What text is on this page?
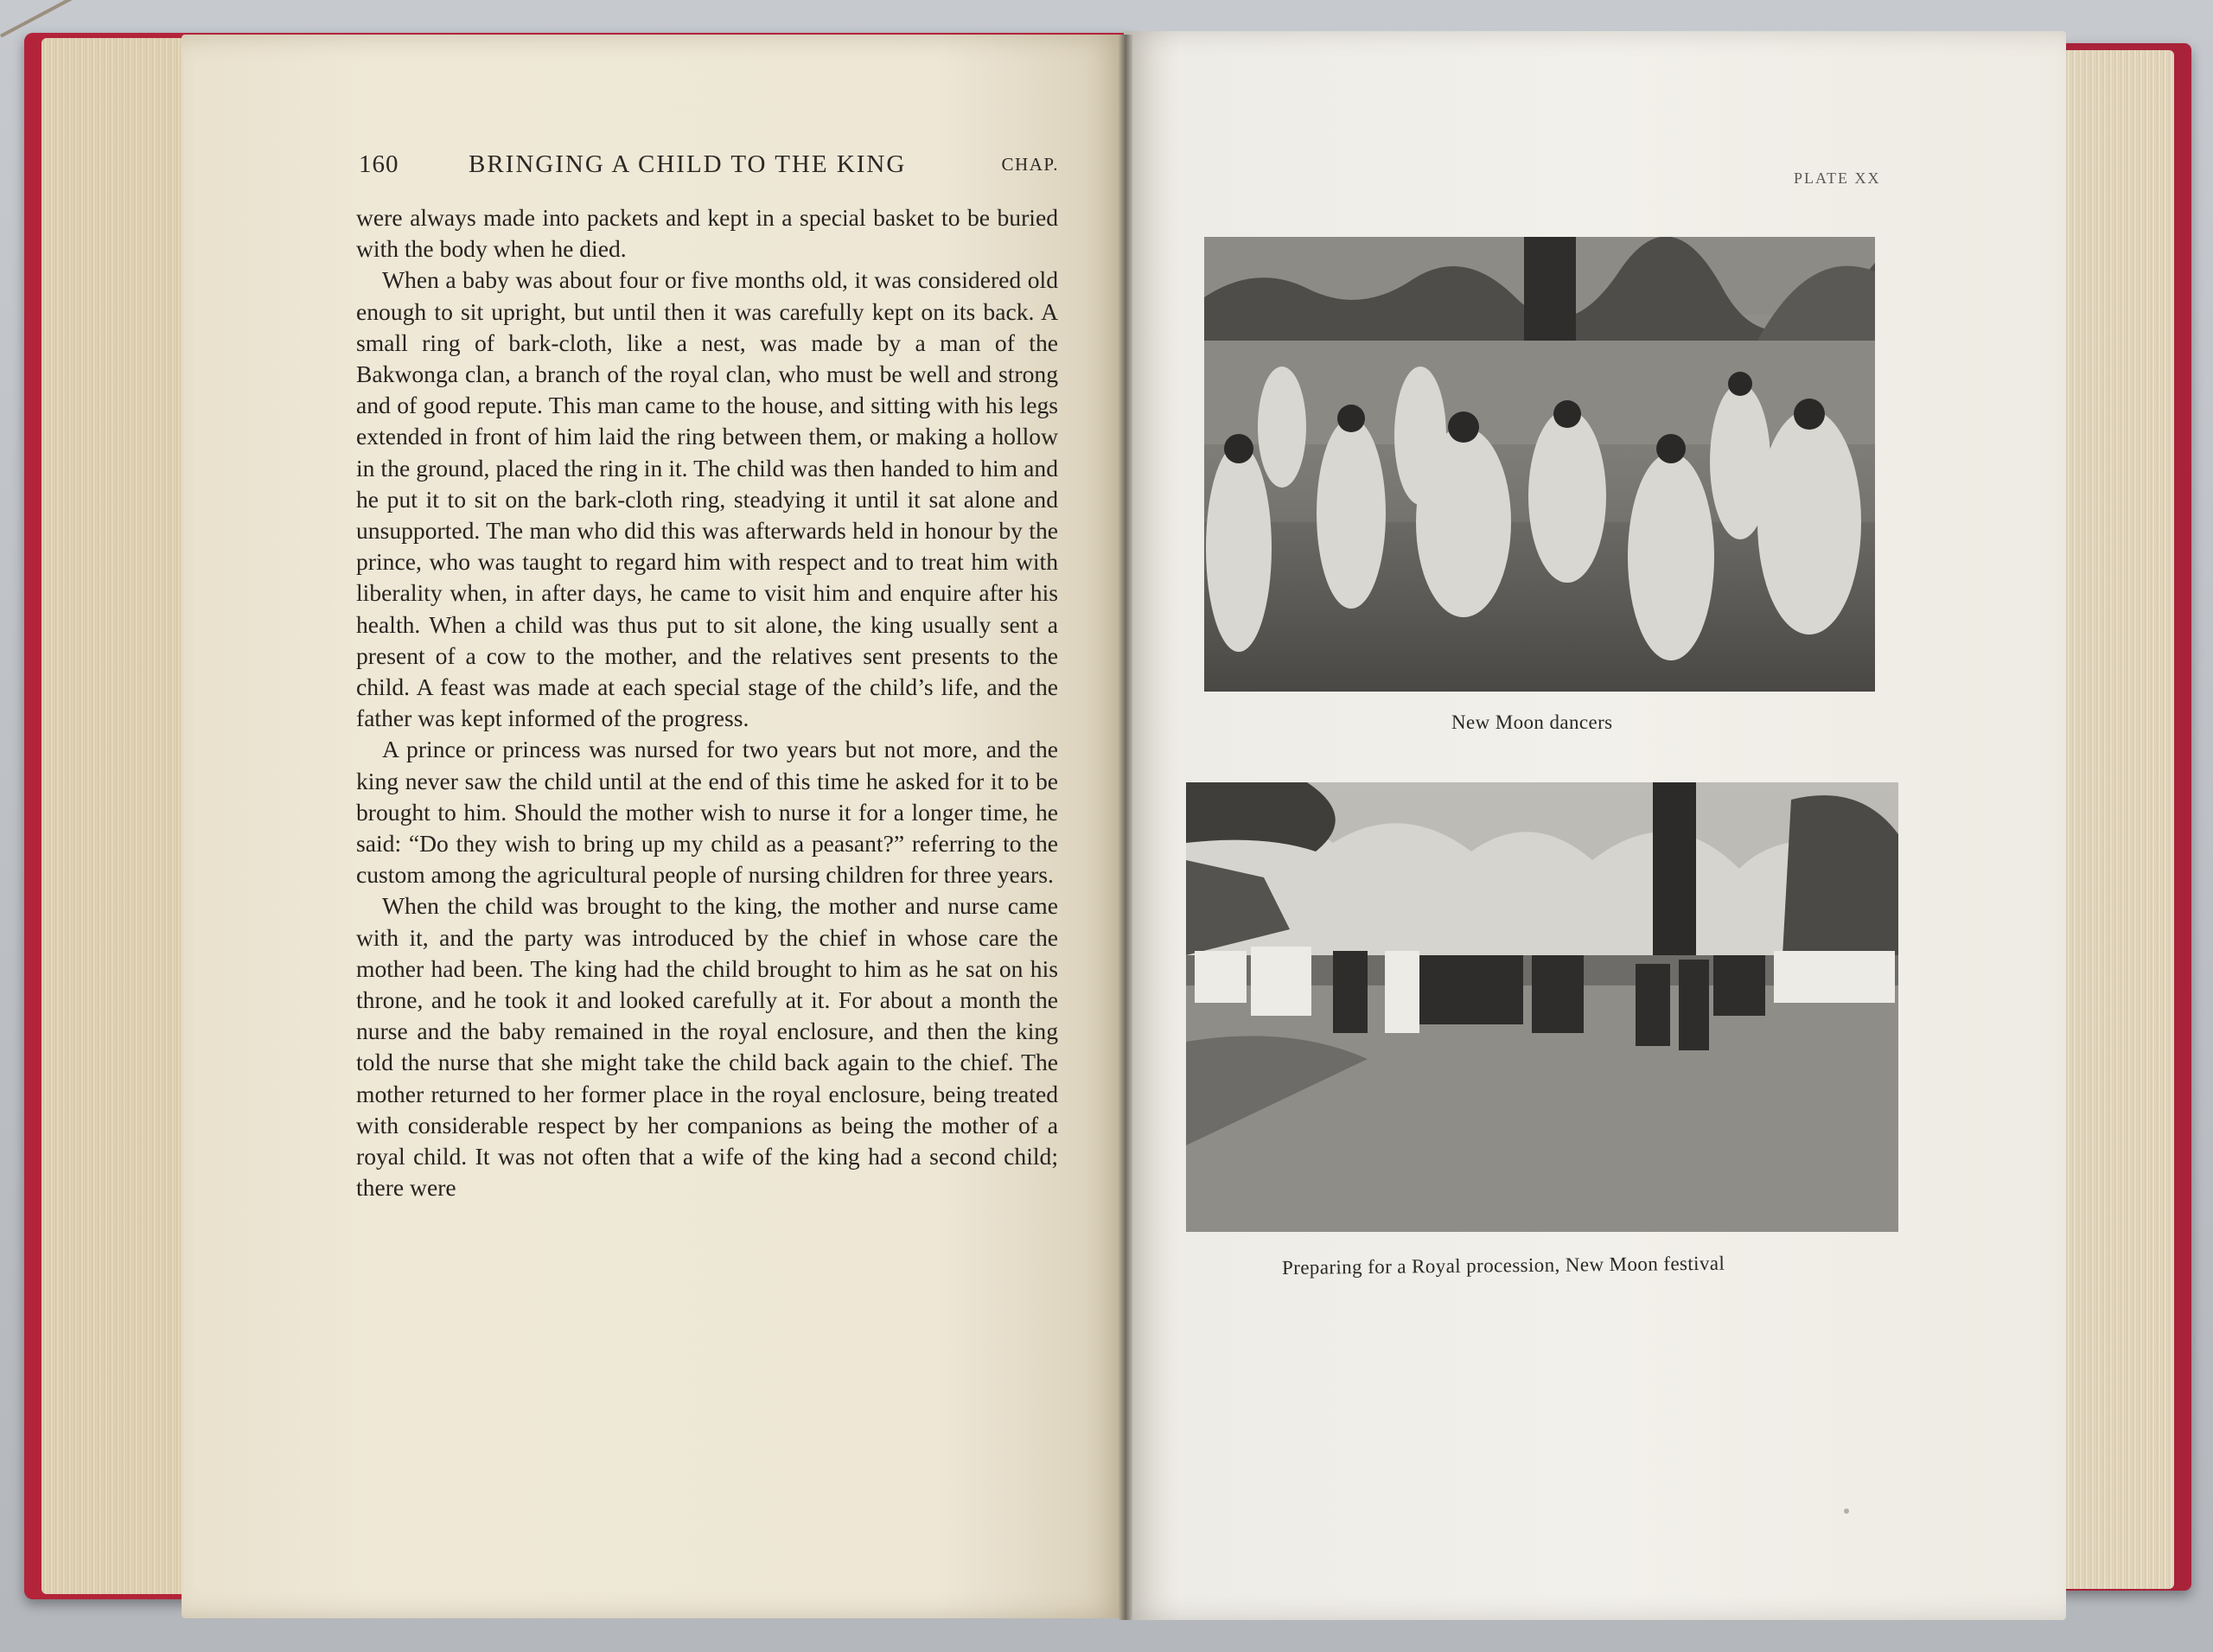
160	BRINGING A CHILD TO THE KING	CHAP.

were always made into packets and kept in a special basket to be buried with the body when he died.

When a baby was about four or five months old, it was considered old enough to sit upright, but until then it was carefully kept on its back. A small ring of bark-cloth, like a nest, was made by a man of the Bakwonga clan, a branch of the royal clan, who must be well and strong and of good repute. This man came to the house, and sitting with his legs extended in front of him laid the ring between them, or making a hollow in the ground, placed the ring in it. The child was then handed to him and he put it to sit on the bark-cloth ring, steadying it until it sat alone and unsupported. The man who did this was afterwards held in honour by the prince, who was taught to regard him with respect and to treat him with liberality when, in after days, he came to visit him and enquire after his health. When a child was thus put to sit alone, the king usually sent a present of a cow to the mother, and the relatives sent presents to the child. A feast was made at each special stage of the child’s life, and the father was kept informed of the progress.

A prince or princess was nursed for two years but not more, and the king never saw the child until at the end of this time he asked for it to be brought to him. Should the mother wish to nurse it for a longer time, he said: “Do they wish to bring up my child as a peasant?” referring to the custom among the agricultural people of nursing children for three years.

When the child was brought to the king, the mother and nurse came with it, and the party was introduced by the chief in whose care the mother had been. The king had the child brought to him as he sat on his throne, and he took it and looked carefully at it. For about a month the nurse and the baby remained in the royal enclosure, and then the king told the nurse that she might take the child back again to the chief. The mother returned to her former place in the royal enclosure, being treated with considerable respect by her companions as being the mother of a royal child. It was not often that a wife of the king had a second child; there were

PLATE XX
New Moon dancers
Preparing for a Royal procession, New Moon festival
